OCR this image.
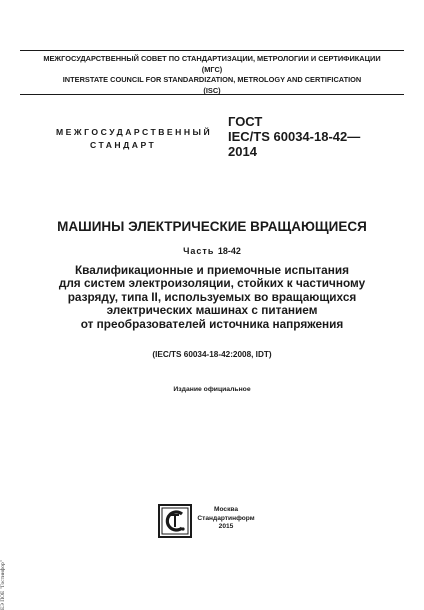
МЕЖГОСУДАРСТВЕННЫЙ СОВЕТ ПО СТАНДАРТИЗАЦИИ, МЕТРОЛОГИИ И СЕРТИФИКАЦИИ
(МГС)
INTERSTATE COUNCIL FOR STANDARDIZATION, METROLOGY AND CERTIFICATION
(ISC)
МЕЖГОСУДАРСТВЕННЫЙ
СТАНДАРТ
ГОСТ
IEC/TS 60034-18-42—
2014
МАШИНЫ ЭЛЕКТРИЧЕСКИЕ ВРАЩАЮЩИЕСЯ
Часть 18-42
Квалификационные и приемочные испытания
для систем электроизоляции, стойких к частичному
разряду, типа II, используемых во вращающихся
электрических машинах с питанием
от преобразователей источника напряжения
(IEC/TS 60034-18-42:2008, IDT)
Издание официальное
Москва
Стандартинформ
2015
ЕЭ ПОЕ "Гостинфор"
